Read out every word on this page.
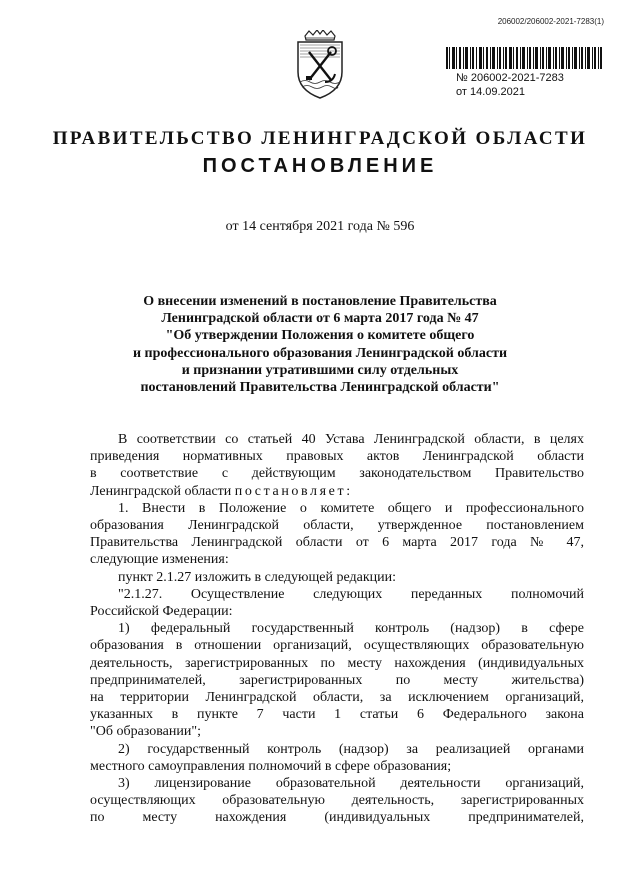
206002/206002-2021-7283(1)
№ 206002-2021-7283
от 14.09.2021
ПРАВИТЕЛЬСТВО ЛЕНИНГРАДСКОЙ ОБЛАСТИ
ПОСТАНОВЛЕНИЕ
от 14 сентября 2021 года № 596
О внесении изменений в постановление Правительства
Ленинградской области от 6 марта 2017 года № 47
"Об утверждении Положения о комитете общего
и профессионального образования Ленинградской области
и признании утратившими силу отдельных
постановлений Правительства Ленинградской области"
В соответствии со статьей 40 Устава Ленинградской области, в целях
приведения нормативных правовых актов Ленинградской области
в соответствие с действующим законодательством Правительство
Ленинградской области постановляет:
1. Внести в Положение о комитете общего и профессионального
образования Ленинградской области, утвержденное постановлением
Правительства Ленинградской области от 6 марта 2017 года № 47,
следующие изменения:
пункт 2.1.27 изложить в следующей редакции:
"2.1.27. Осуществление следующих переданных полномочий
Российской Федерации:
1) федеральный государственный контроль (надзор) в сфере
образования в отношении организаций, осуществляющих образовательную
деятельность, зарегистрированных по месту нахождения (индивидуальных
предпринимателей, зарегистрированных по месту жительства)
на территории Ленинградской области, за исключением организаций,
указанных в пункте 7 части 1 статьи 6 Федерального закона
"Об образовании";
2) государственный контроль (надзор) за реализацией органами
местного самоуправления полномочий в сфере образования;
3) лицензирование образовательной деятельности организаций,
осуществляющих образовательную деятельность, зарегистрированных
по месту нахождения (индивидуальных предпринимателей,
